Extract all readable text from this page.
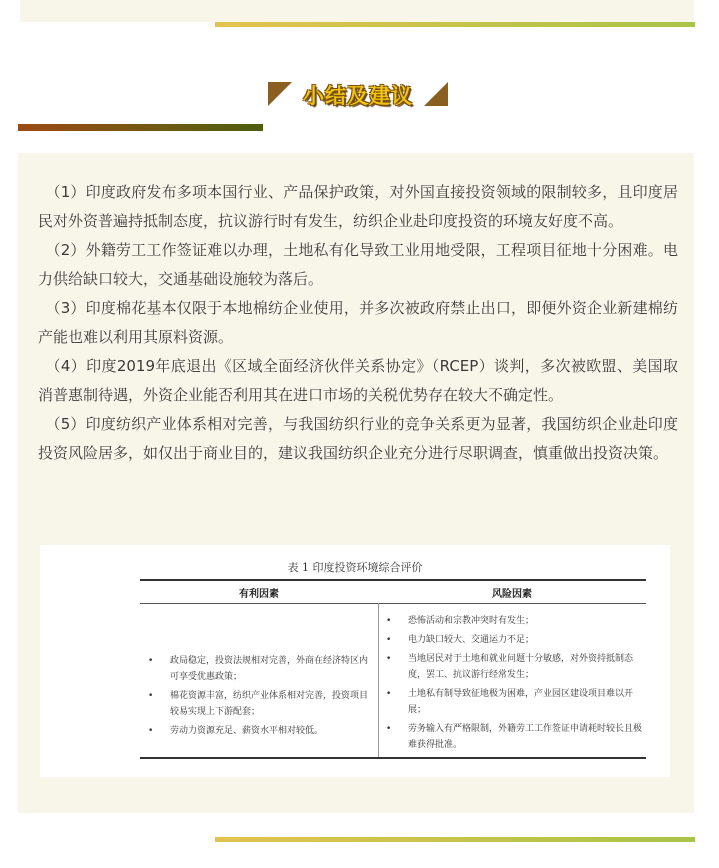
小结及建议

（1）印度政府发布多项本国行业、产品保护政策，对外国直接投资领域的限制较多，且印度居民对外资普遍持抵制态度，抗议游行时有发生，纺织企业赴印度投资的环境友好度不高。

（2）外籍劳工工作签证难以办理，土地私有化导致工业用地受限，工程项目征地十分困难。电力供给缺口较大，交通基础设施较为落后。

（3）印度棉花基本仅限于本地棉纺企业使用，并多次被政府禁止出口，即便外资企业新建棉纺产能也难以利用其原料资源。

（4）印度2019年底退出《区域全面经济伙伴关系协定》（RCEP）谈判，多次被欧盟、美国取消普惠制待遇，外资企业能否利用其在进口市场的关税优势存在较大不确定性。

（5）印度纺织产业体系相对完善，与我国纺织行业的竞争关系更为显著，我国纺织企业赴印度投资风险居多，如仅出于商业目的，建议我国纺织企业充分进行尽职调查，慎重做出投资决策。

表 1 印度投资环境综合评价
有利因素	风险因素
• 政局稳定，投资法规相对完善，外商在经济特区内可享受优惠政策；
• 棉花资源丰富，纺织产业体系相对完善，投资项目较易实现上下游配套；
• 劳动力资源充足、薪资水平相对较低。
• 恐怖活动和宗教冲突时有发生；
• 电力缺口较大、交通运力不足；
• 当地居民对于土地和就业问题十分敏感，对外资持抵制态度，罢工、抗议游行经常发生；
• 土地私有制导致征地极为困难，产业园区建设项目难以开展；
• 劳务输入有严格限制，外籍劳工工作签证申请耗时较长且极难获得批准。
